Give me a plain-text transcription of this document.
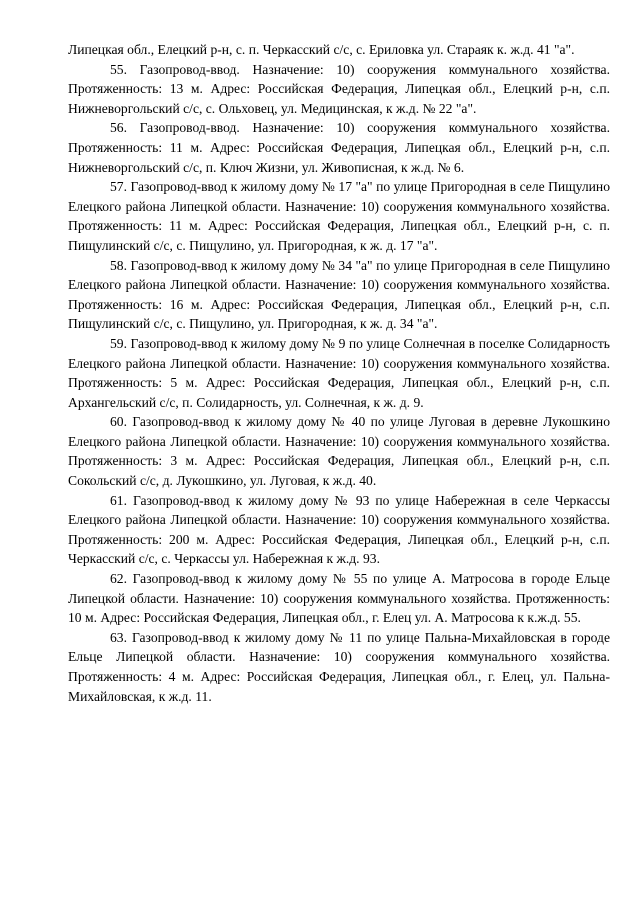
Липецкая обл., Елецкий р-н, с. п. Черкасский с/с, с. Ериловка ул. Стараяк к. ж.д. 41 "а".

55. Газопровод-ввод. Назначение: 10) сооружения коммунального хозяйства. Протяженность: 13 м. Адрес: Российская Федерация, Липецкая обл., Елецкий р-н, с.п. Нижневоргольский с/с, с. Ольховец, ул. Медицинская, к ж.д. № 22 "а".

56. Газопровод-ввод. Назначение: 10) сооружения коммунального хозяйства. Протяженность: 11 м. Адрес: Российская Федерация, Липецкая обл., Елецкий р-н, с.п. Нижневоргольский с/с, п. Ключ Жизни, ул. Живописная, к ж.д. № 6.

57. Газопровод-ввод к жилому дому № 17 "а" по улице Пригородная в селе Пищулино Елецкого района Липецкой области. Назначение: 10) сооружения коммунального хозяйства. Протяженность: 11 м. Адрес: Российская Федерация, Липецкая обл., Елецкий р-н, с. п. Пищулинский с/с, с. Пищулино, ул. Пригородная, к ж. д. 17 "а".

58. Газопровод-ввод к жилому дому № 34 "а" по улице Пригородная в селе Пищулино Елецкого района Липецкой области. Назначение: 10) сооружения коммунального хозяйства. Протяженность: 16 м. Адрес: Российская Федерация, Липецкая обл., Елецкий р-н, с.п. Пищулинский с/с, с. Пищулино, ул. Пригородная, к ж. д. 34 "а".

59. Газопровод-ввод к жилому дому № 9 по улице Солнечная в поселке Солидарность Елецкого района Липецкой области. Назначение: 10) сооружения коммунального хозяйства. Протяженность: 5 м. Адрес: Российская Федерация, Липецкая обл., Елецкий р-н, с.п. Архангельский с/с, п. Солидарность, ул. Солнечная, к ж. д. 9.

60. Газопровод-ввод к жилому дому № 40 по улице Луговая в деревне Лукошкино Елецкого района Липецкой области. Назначение: 10) сооружения коммунального хозяйства. Протяженность: 3 м. Адрес: Российская Федерация, Липецкая обл., Елецкий р-н, с.п. Сокольский с/с, д. Лукошкино, ул. Луговая, к ж.д. 40.

61. Газопровод-ввод к жилому дому № 93 по улице Набережная в селе Черкассы Елецкого района Липецкой области. Назначение: 10) сооружения коммунального хозяйства. Протяженность: 200 м. Адрес: Российская Федерация, Липецкая обл., Елецкий р-н, с.п. Черкасский с/с, с. Черкассы ул. Набережная к ж.д. 93.

62. Газопровод-ввод к жилому дому № 55 по улице А. Матросова в городе Ельце Липецкой области. Назначение: 10) сооружения коммунального хозяйства. Протяженность: 10 м. Адрес: Российская Федерация, Липецкая обл., г. Елец ул. А. Матросова к к.ж.д. 55.

63. Газопровод-ввод к жилому дому № 11 по улице Пальна-Михайловская в городе Ельце Липецкой области. Назначение: 10) сооружения коммунального хозяйства. Протяженность: 4 м. Адрес: Российская Федерация, Липецкая обл., г. Елец, ул. Пальна-Михайловская, к ж.д. 11.
